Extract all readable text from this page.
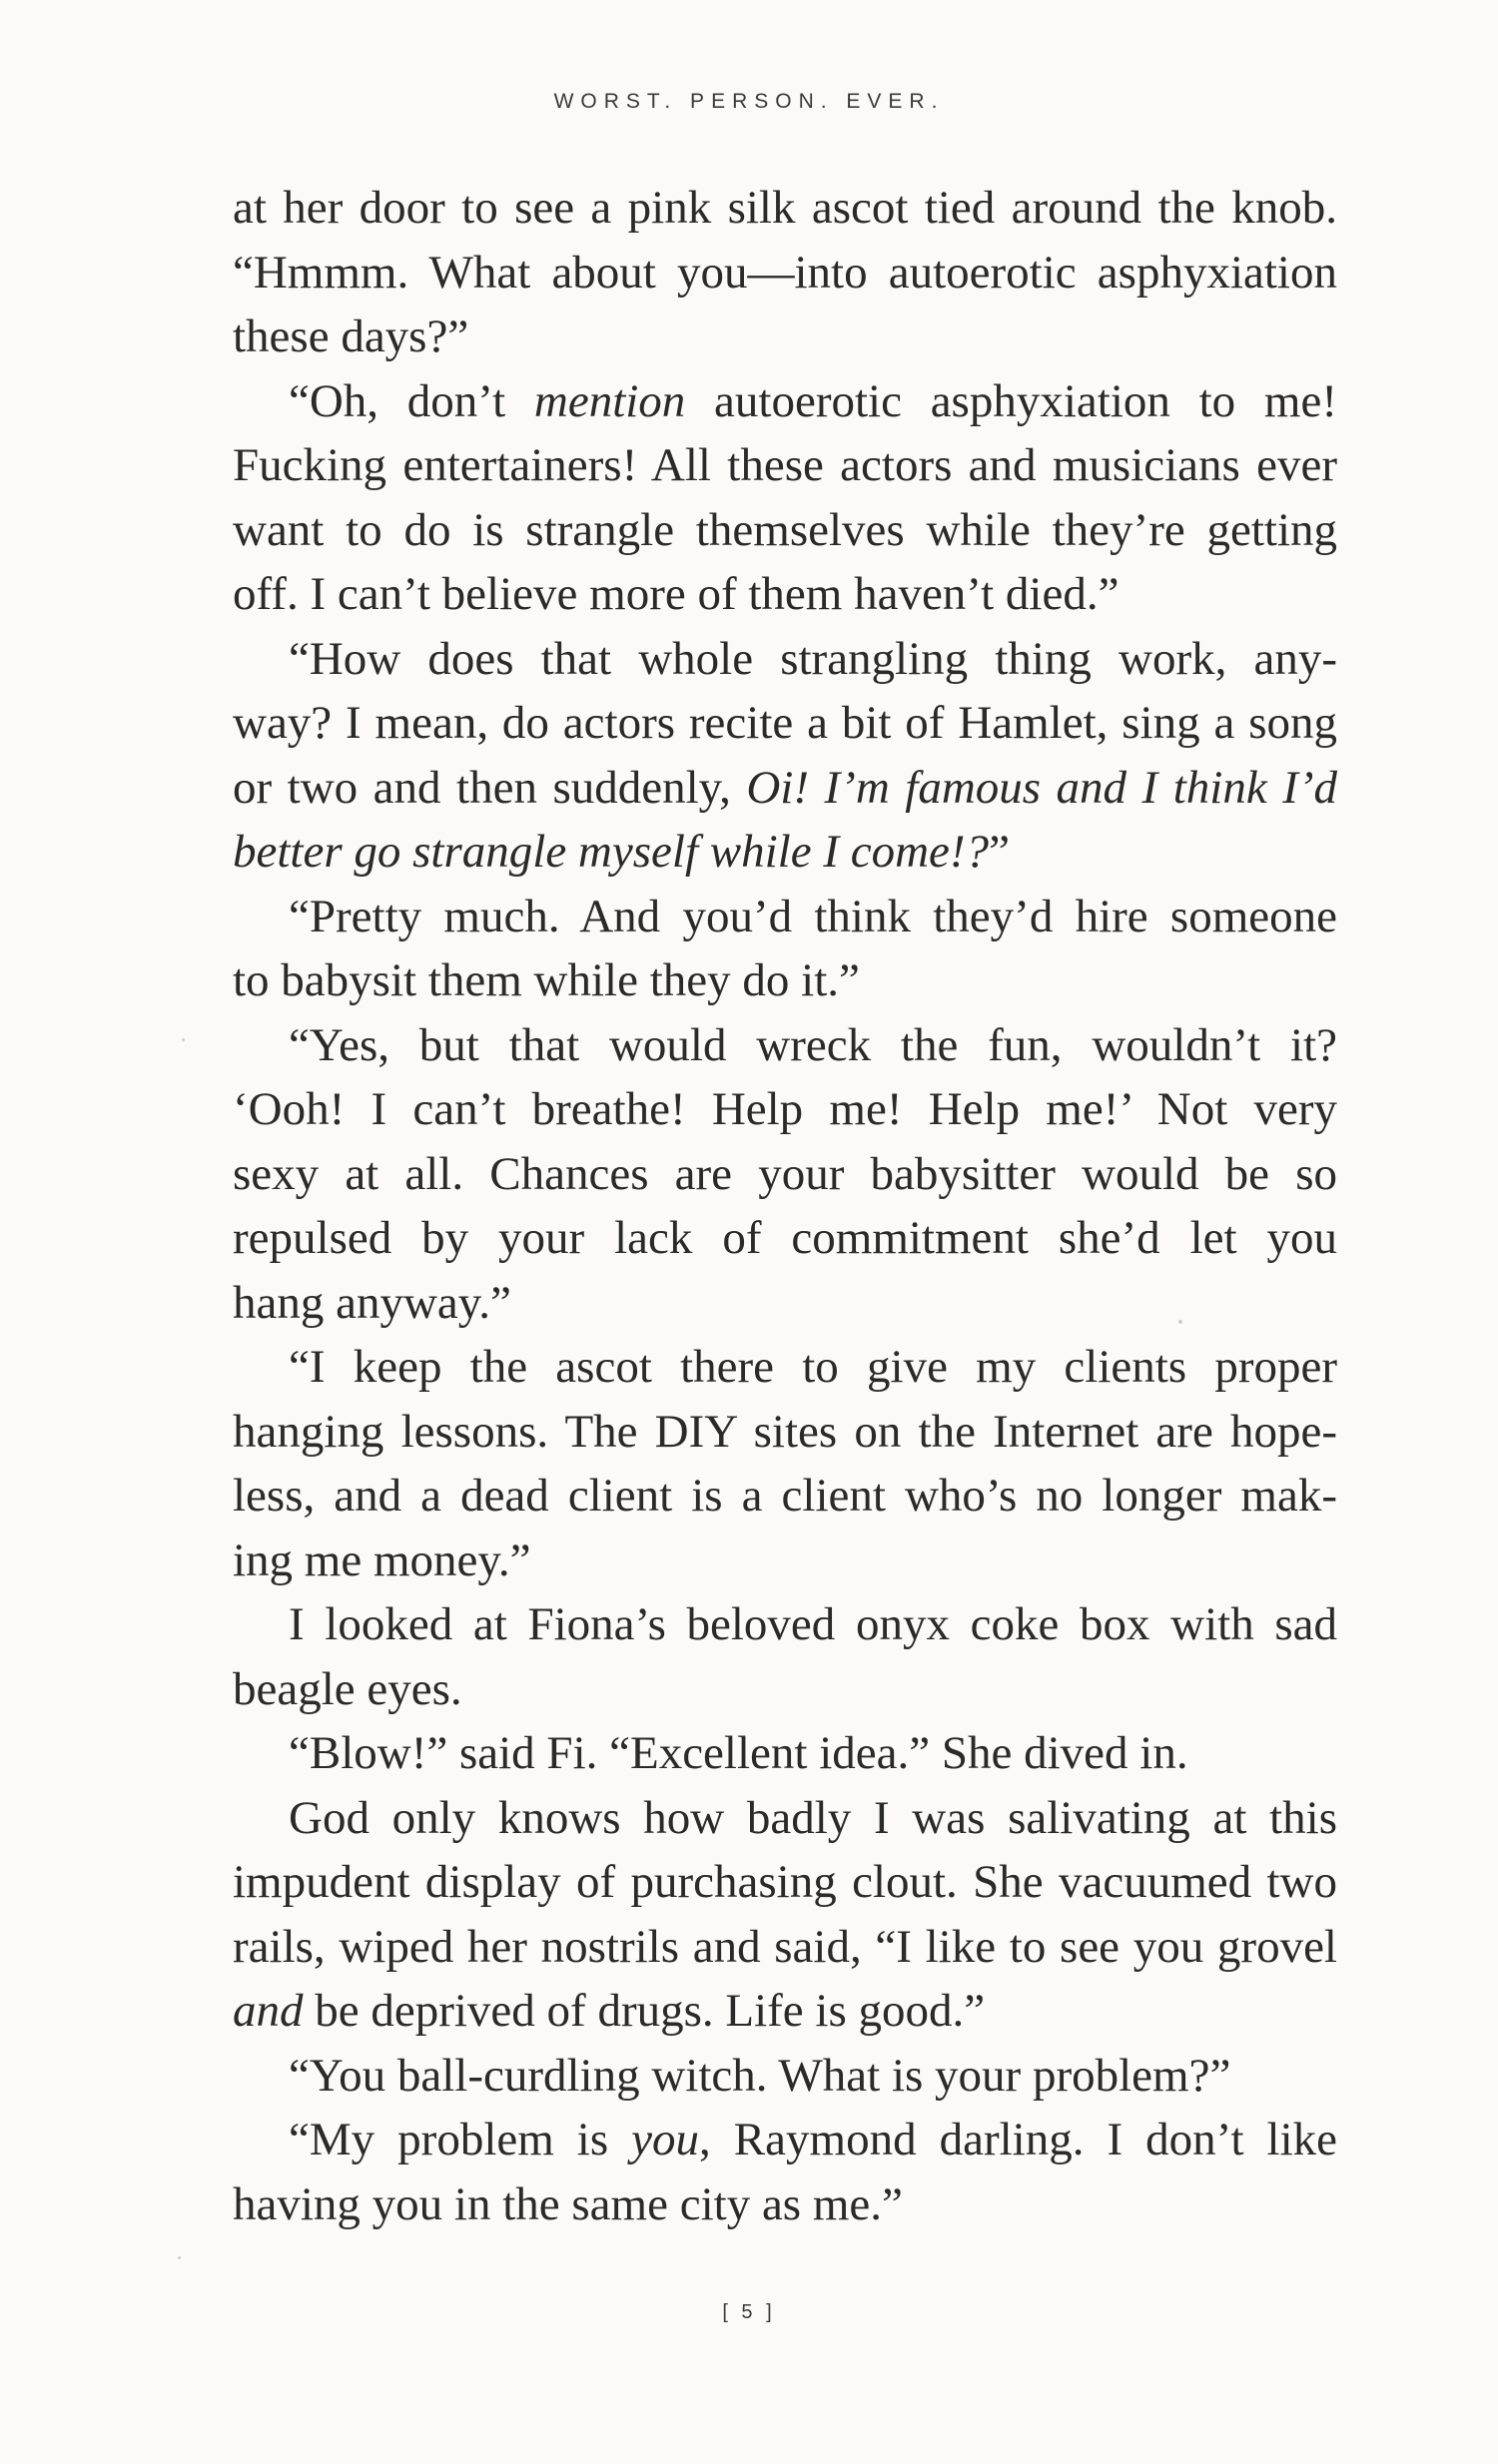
WORST. PERSON. EVER.
at her door to see a pink silk ascot tied around the knob.
“Hmmm. What about you—into autoerotic asphyxiation
these days?”
“Oh, don’t mention autoerotic asphyxiation to me!
Fucking entertainers! All these actors and musicians ever
want to do is strangle themselves while they’re getting
off. I can’t believe more of them haven’t died.”
“How does that whole strangling thing work, any-
way? I mean, do actors recite a bit of Hamlet, sing a song
or two and then suddenly, Oi! I’m famous and I think I’d
better go strangle myself while I come!?”
“Pretty much. And you’d think they’d hire someone
to babysit them while they do it.”
“Yes, but that would wreck the fun, wouldn’t it?
‘Ooh! I can’t breathe! Help me! Help me!’ Not very
sexy at all. Chances are your babysitter would be so
repulsed by your lack of commitment she’d let you
hang anyway.”
“I keep the ascot there to give my clients proper
hanging lessons. The DIY sites on the Internet are hope-
less, and a dead client is a client who’s no longer mak-
ing me money.”
I looked at Fiona’s beloved onyx coke box with sad
beagle eyes.
“Blow!” said Fi. “Excellent idea.” She dived in.
God only knows how badly I was salivating at this
impudent display of purchasing clout. She vacuumed two
rails, wiped her nostrils and said, “I like to see you grovel
and be deprived of drugs. Life is good.”
“You ball-curdling witch. What is your problem?”
“My problem is you, Raymond darling. I don’t like
having you in the same city as me.”
[ 5 ]
